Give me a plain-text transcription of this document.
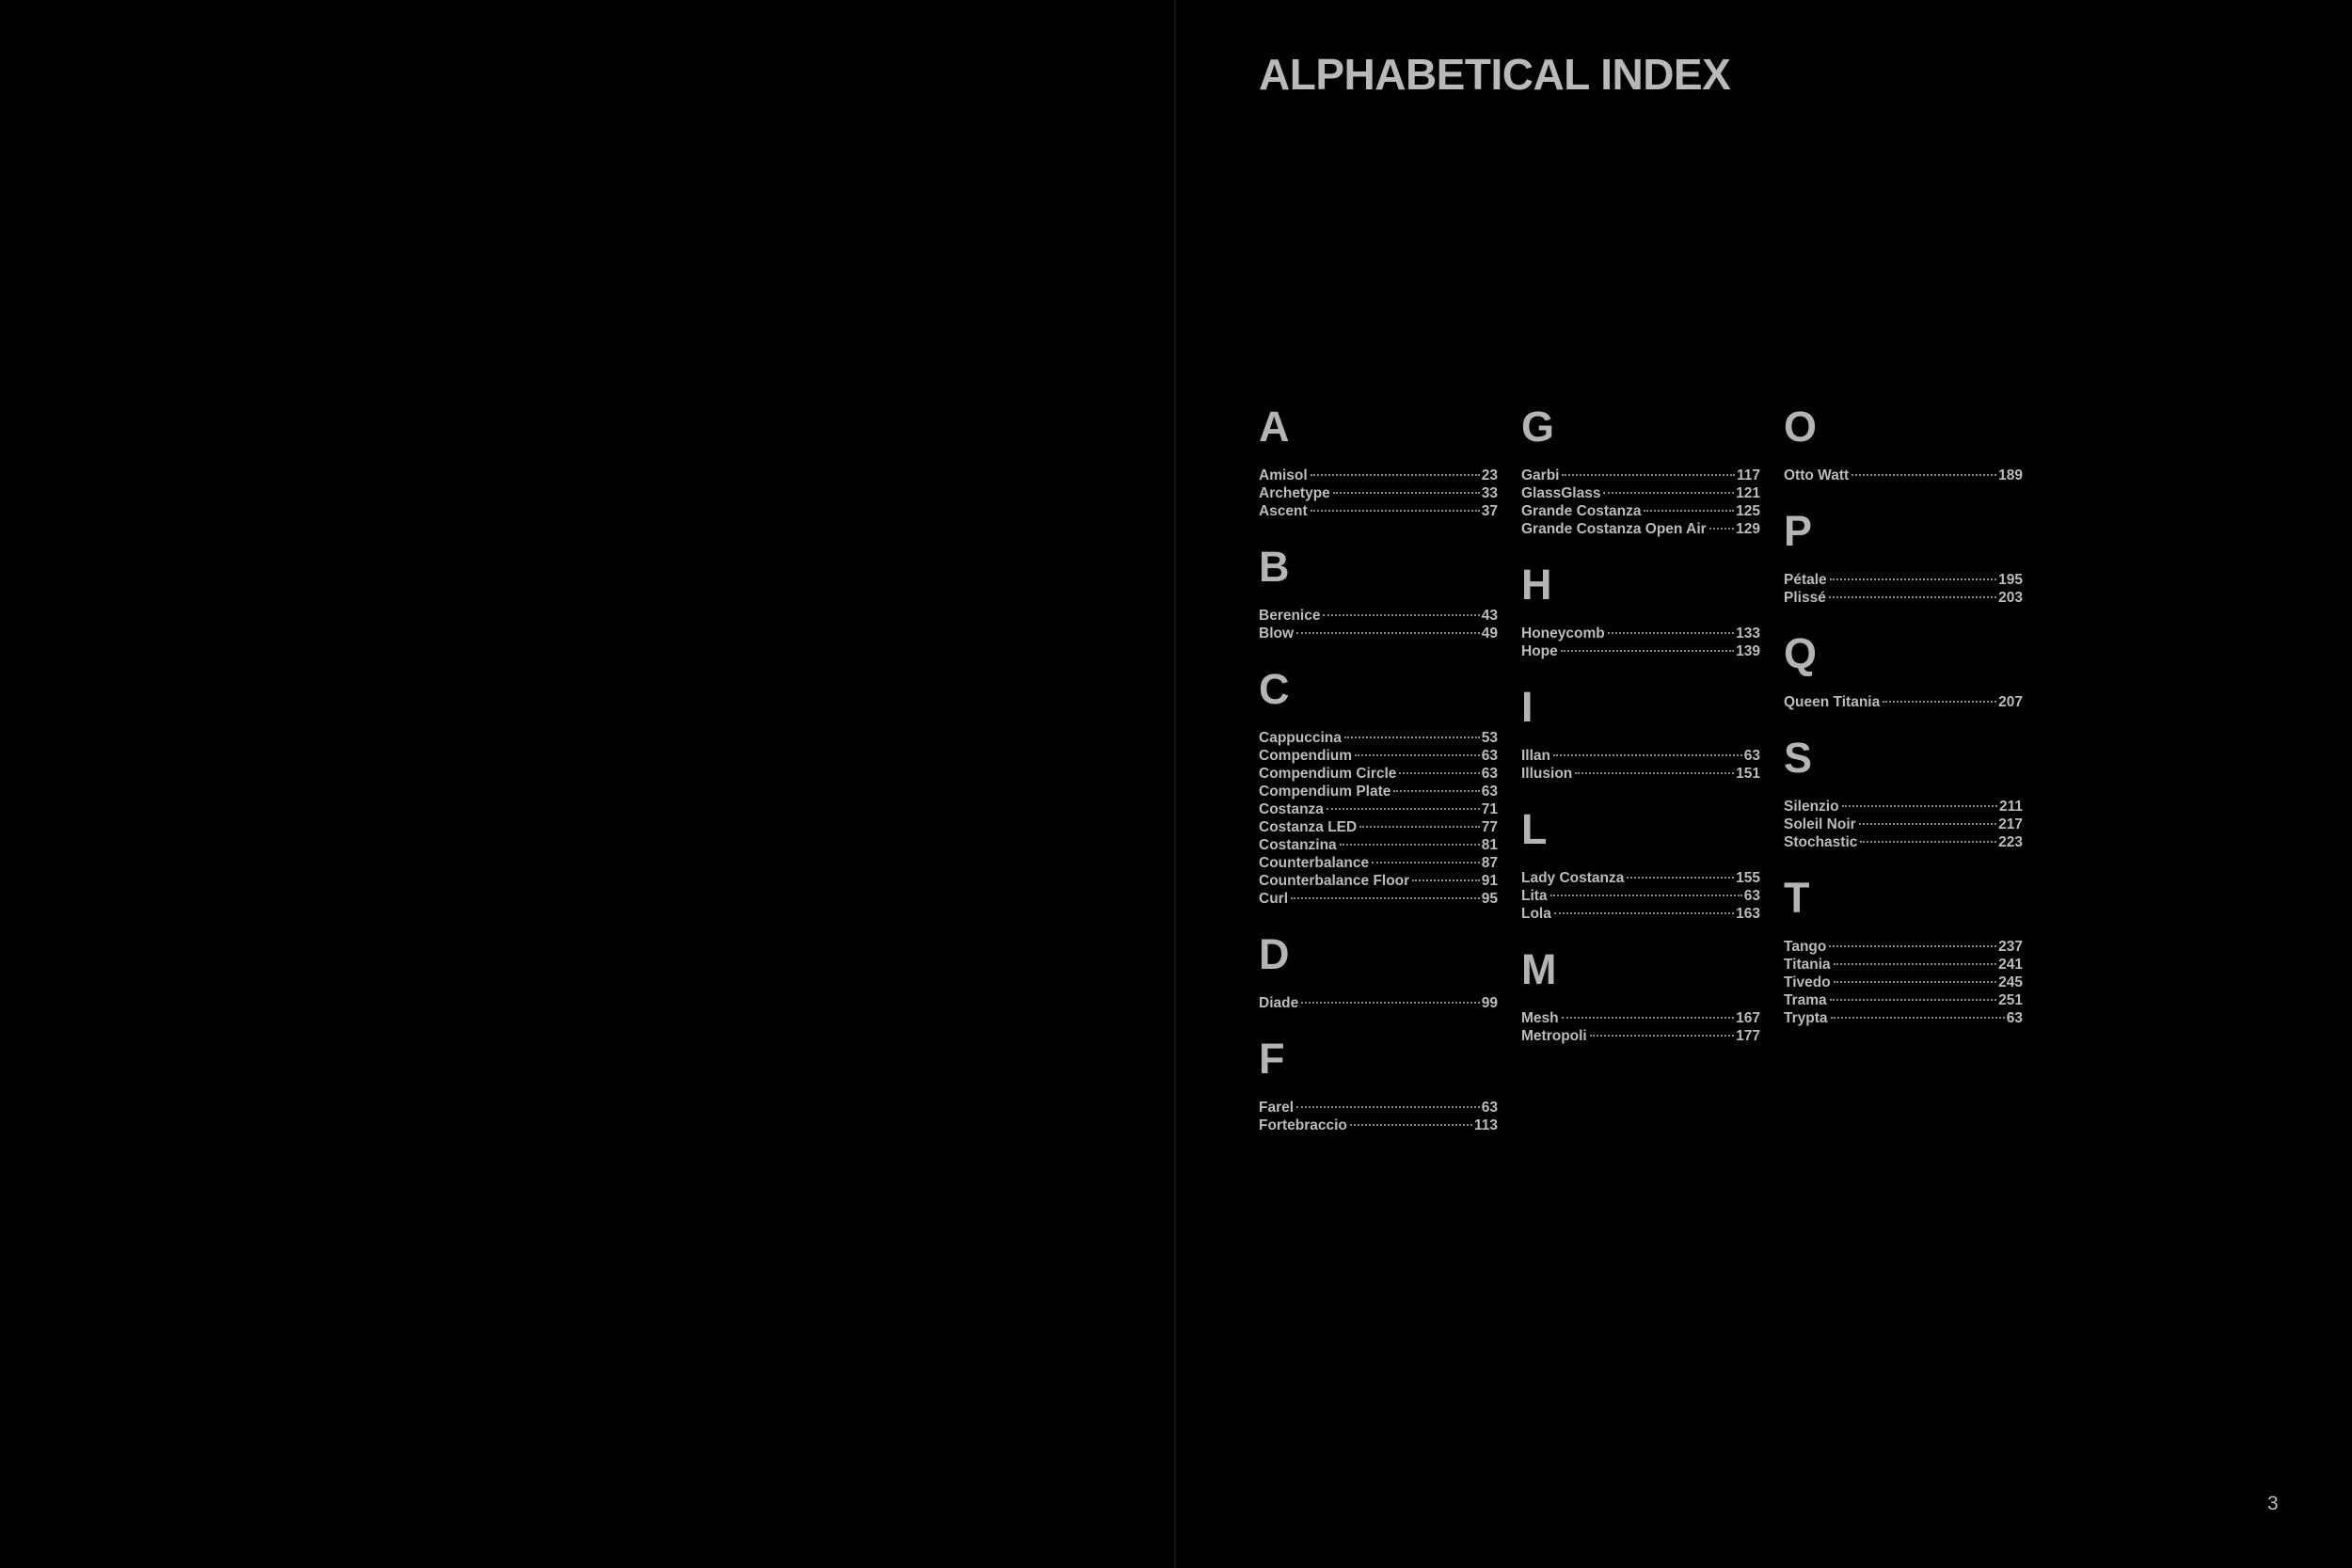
ALPHABETICAL INDEX
A
Amisol	23
Archetype	33
Ascent	37
B
Berenice	43
Blow	49
C
Cappuccina	53
Compendium	63
Compendium Circle	63
Compendium Plate	63
Costanza	71
Costanza LED	77
Costanzina	81
Counterbalance	87
Counterbalance Floor	91
Curl	95
D
Diade	99
F
Farel	63
Fortebraccio	113
G
Garbi	117
GlassGlass	121
Grande Costanza	125
Grande Costanza Open Air 129
H
Honeycomb	133
Hope	139
I
Illan	63
Illusion	151
L
Lady Costanza	155
Lita	63
Lola	163
M
Mesh	167
Metropoli	177
O
Otto Watt	189
P
Pétale	195
Plissé	203
Q
Queen Titania	207
S
Silenzio	211
Soleil Noir	217
Stochastic	223
T
Tango	237
Titania	241
Tivedo	245
Trama	251
Trypta	63
3
